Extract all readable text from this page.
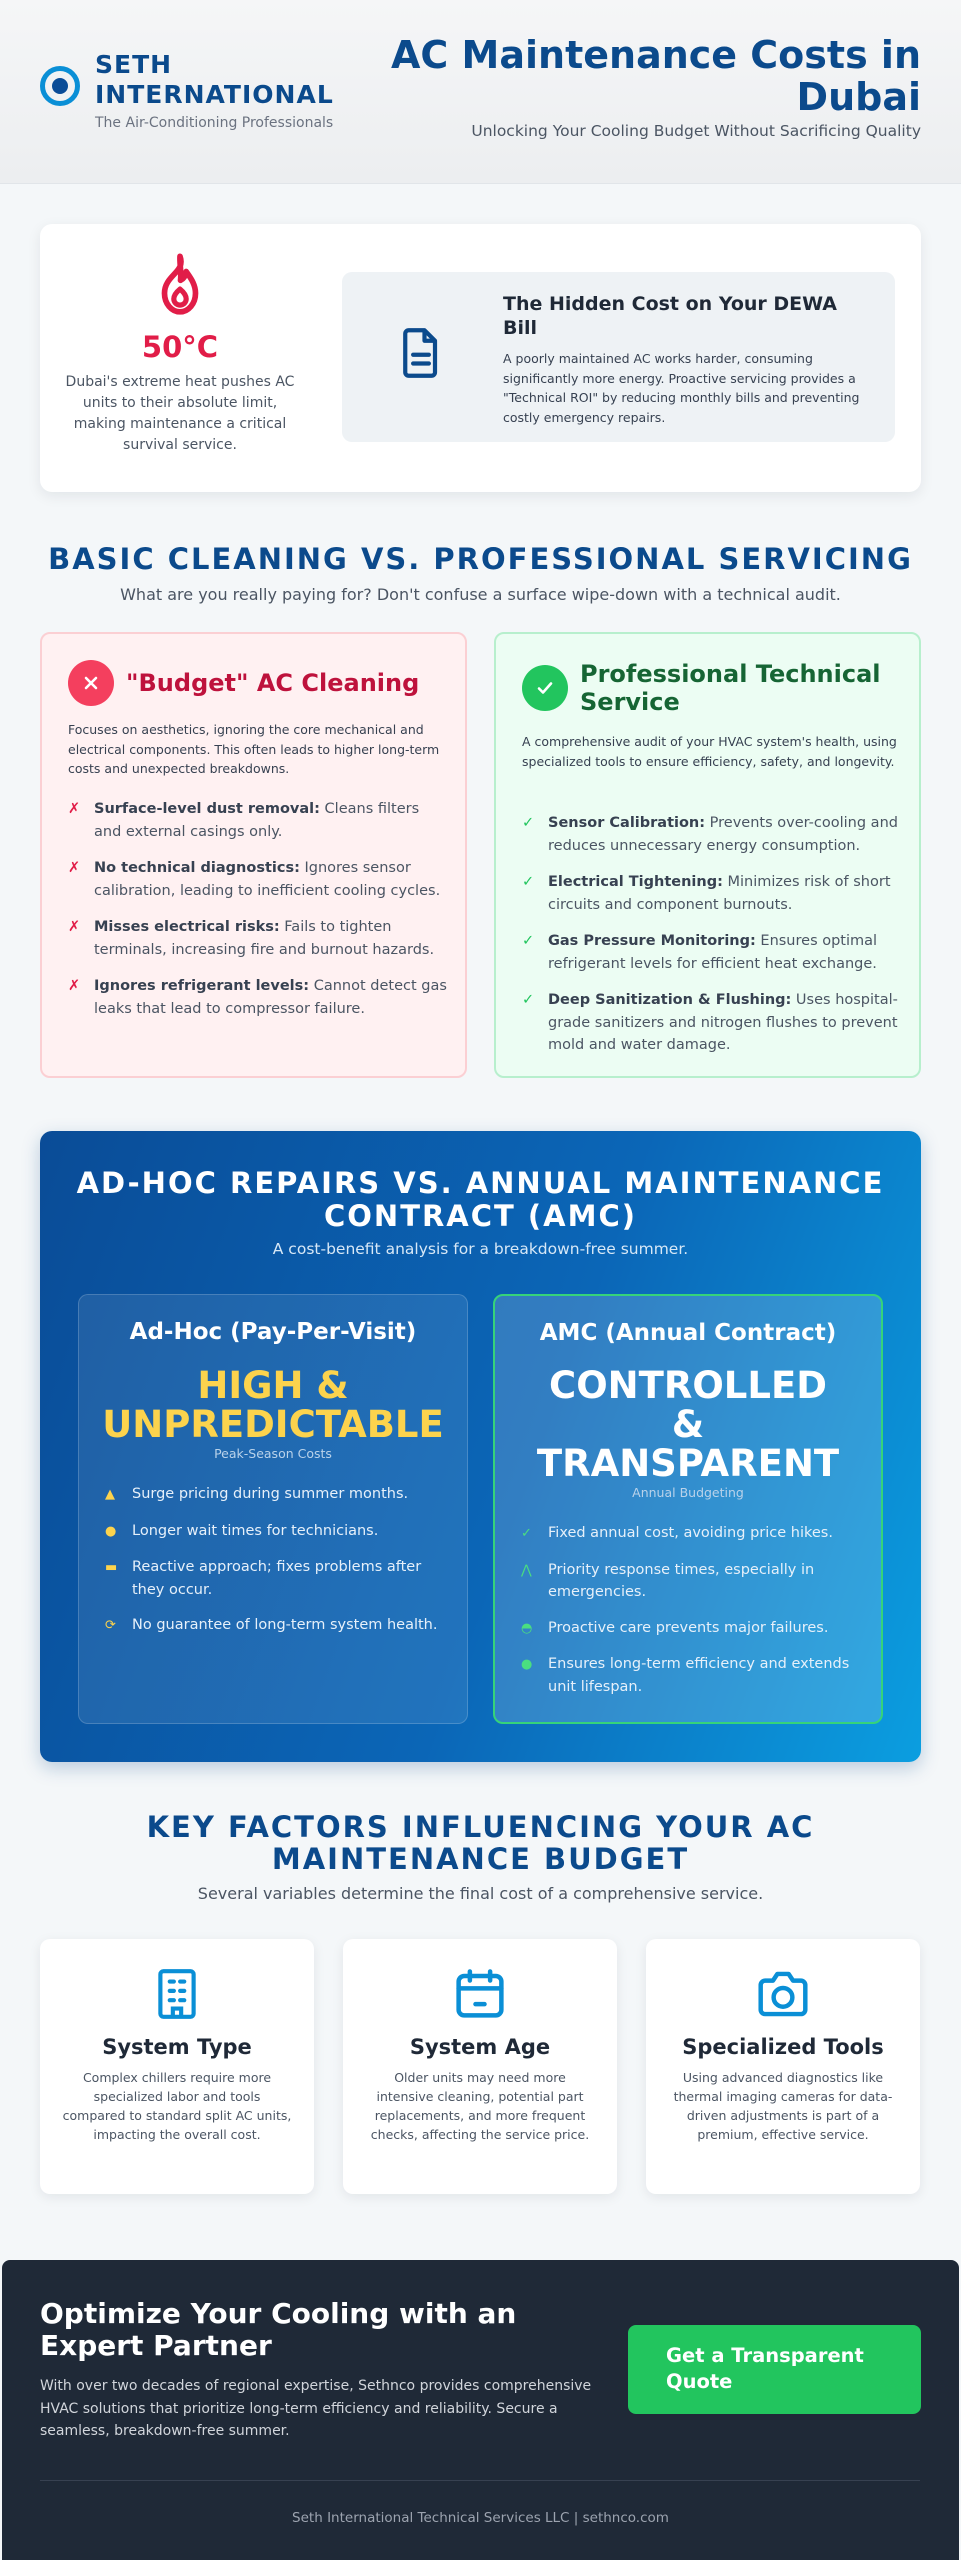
SETH INTERNATIONAL
The Air-Conditioning Professionals
AC Maintenance Costs in Dubai
Unlocking Your Cooling Budget Without Sacrificing Quality
50°C

Dubai's extreme heat pushes AC units to their absolute limit, making maintenance a critical survival service.

The Hidden Cost on Your DEWA Bill

A poorly maintained AC works harder, consuming significantly more energy. Proactive servicing provides a "Technical ROI" by reducing monthly bills and preventing costly emergency repairs.

BASIC CLEANING VS. PROFESSIONAL SERVICING

What are you really paying for? Don't confuse a surface wipe-down with a technical audit.

"Budget" AC Cleaning

Focuses on aesthetics, ignoring the core mechanical and electrical components. This often leads to higher long-term costs and unexpected breakdowns.

✗ Surface-level dust removal: Cleans filters and external casings only.
✗ No technical diagnostics: Ignores sensor calibration, leading to inefficient cooling cycles.
✗ Misses electrical risks: Fails to tighten terminals, increasing fire and burnout hazards.
✗ Ignores refrigerant levels: Cannot detect gas leaks that lead to compressor failure.
Professional Technical Service

A comprehensive audit of your HVAC system's health, using specialized tools to ensure efficiency, safety, and longevity.

✓ Sensor Calibration: Prevents over-cooling and reduces unnecessary energy consumption.
✓ Electrical Tightening: Minimizes risk of short circuits and component burnouts.
✓ Gas Pressure Monitoring: Ensures optimal refrigerant levels for efficient heat exchange.
✓ Deep Sanitization & Flushing: Uses hospital-grade sanitizers and nitrogen flushes to prevent mold and water damage.
AD-HOC REPAIRS VS. ANNUAL MAINTENANCE CONTRACT (AMC)

A cost-benefit analysis for a breakdown-free summer.

Ad-Hoc (Pay-Per-Visit)
HIGH &
UNPREDICTABLE
Peak-Season Costs
▲	Surge pricing during summer months.
●	Longer wait times for technicians.
▬	Reactive approach; fixes problems after they occur.
⟳	No guarantee of long-term system health.
AMC (Annual Contract)
CONTROLLED
&
TRANSPARENT
Annual Budgeting
✓	Fixed annual cost, avoiding price hikes.
⋀	Priority response times, especially in emergencies.
◓	Proactive care prevents major failures.
●	Ensures long-term efficiency and extends unit lifespan.
KEY FACTORS INFLUENCING YOUR AC MAINTENANCE BUDGET

Several variables determine the final cost of a comprehensive service.

System Type

Complex chillers require more specialized labor and tools compared to standard split AC units, impacting the overall cost.

System Age

Older units may need more intensive cleaning, potential part replacements, and more frequent checks, affecting the service price.

Specialized Tools

Using advanced diagnostics like thermal imaging cameras for data-driven adjustments is part of a premium, effective service.

Optimize Your Cooling with an Expert Partner

With over two decades of regional expertise, Sethnco provides comprehensive HVAC solutions that prioritize long-term efficiency and reliability. Secure a seamless, breakdown-free summer.

Get a Transparent Quote
Seth International Technical Services LLC | sethnco.com
